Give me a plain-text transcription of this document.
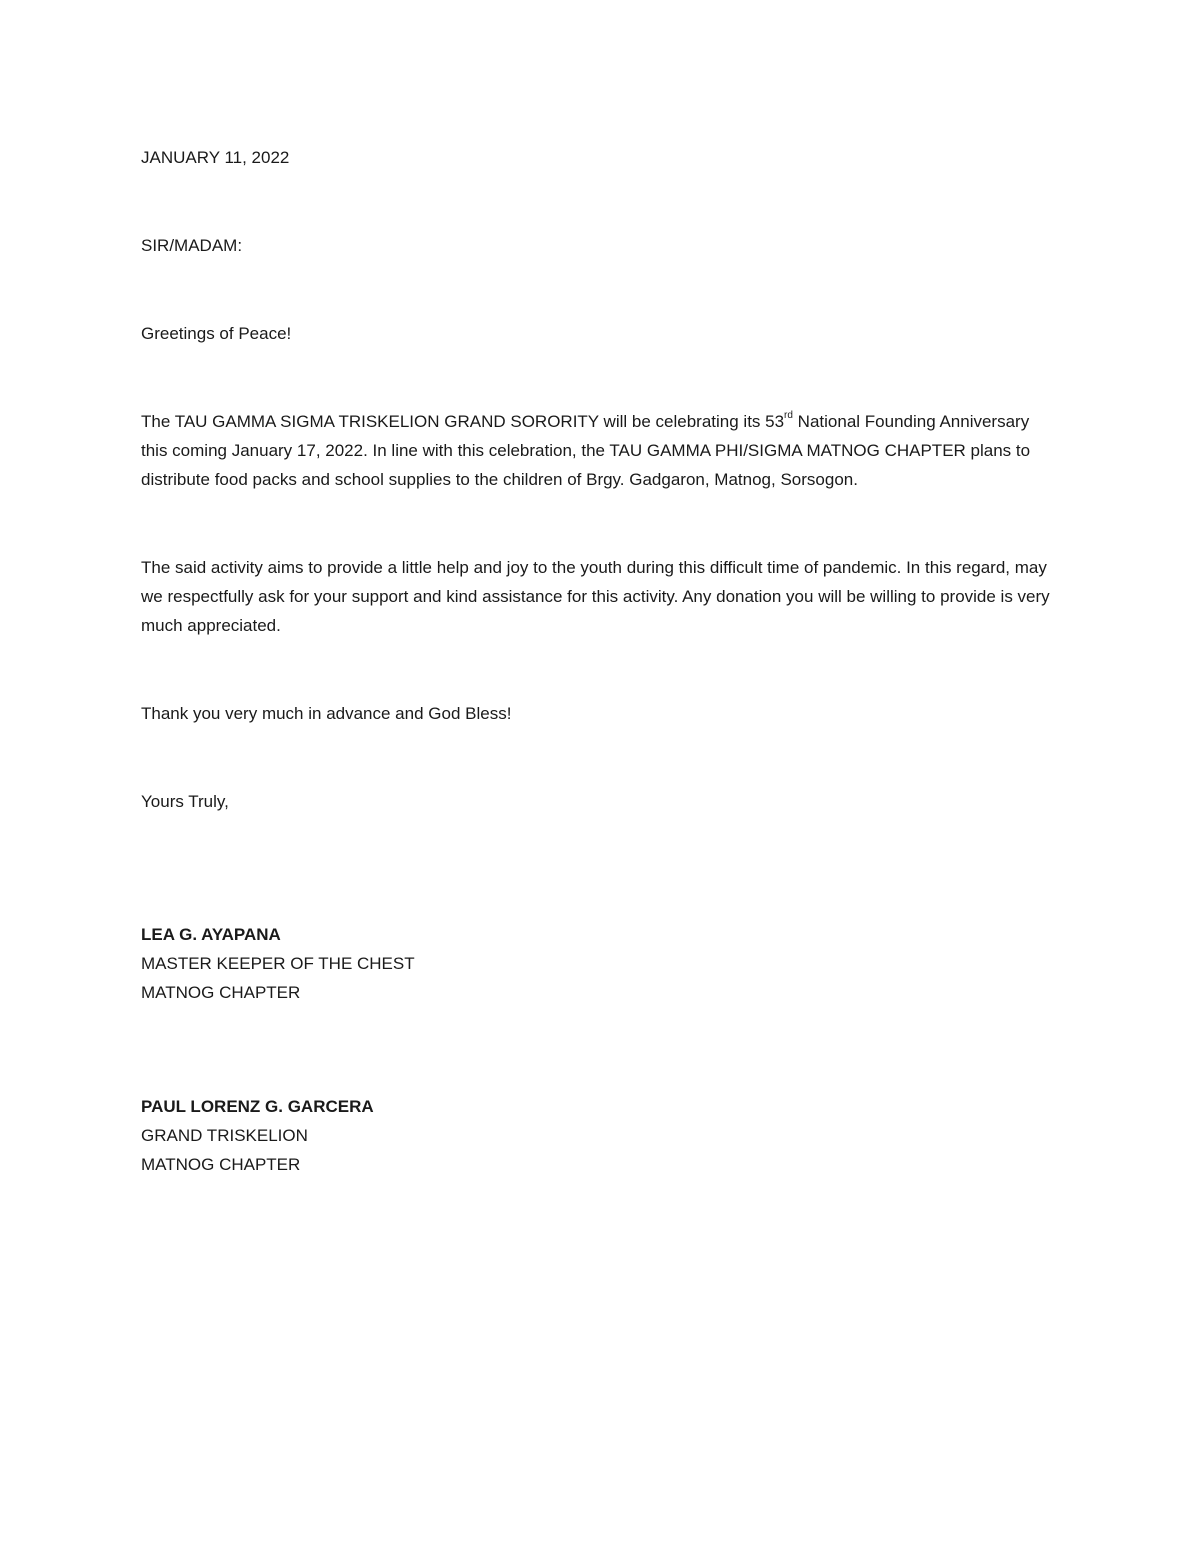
JANUARY 11, 2022

SIR/MADAM:

Greetings of Peace!

The TAU GAMMA SIGMA TRISKELION GRAND SORORITY will be celebrating its 53rd National Founding Anniversary this coming January 17, 2022. In line with this celebration, the TAU GAMMA PHI/SIGMA MATNOG CHAPTER plans to distribute food packs and school supplies to the children of Brgy. Gadgaron, Matnog, Sorsogon.

The said activity aims to provide a little help and joy to the youth during this difficult time of pandemic. In this regard, may we respectfully ask for your support and kind assistance for this activity. Any donation you will be willing to provide is very much appreciated.

Thank you very much in advance and God Bless!

Yours Truly,

LEA G. AYAPANA

MASTER KEEPER OF THE CHEST

MATNOG CHAPTER

PAUL LORENZ G. GARCERA

GRAND TRISKELION

MATNOG CHAPTER
